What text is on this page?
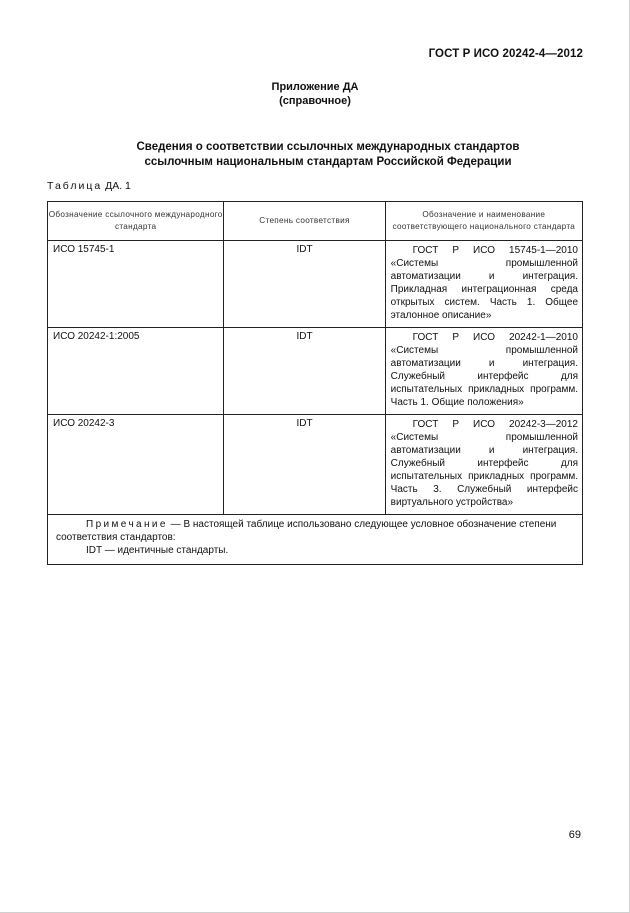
ГОСТ Р ИСО 20242-4—2012
Приложение ДА
(справочное)
Сведения о соответствии ссылочных международных стандартов
ссылочным национальным стандартам Российской Федерации
Таблица ДА. 1
Обозначение ссылочного международного стандарта	Степень соответствия	Обозначение и наименование соответствующего национального стандарта

ИСО 15745-1	IDT	ГОСТ Р ИСО 15745-1—2010 «Системы промышленной автоматизации и интеграция. Прикладная интеграционная среда открытых систем. Часть 1. Общее эталонное описание»

ИСО 20242-1:2005	IDT	ГОСТ Р ИСО 20242-1—2010 «Системы промышленной автоматизации и интеграция. Служебный интерфейс для испытательных прикладных программ. Часть 1. Общие положения»

ИСО 20242-3	IDT	ГОСТ Р ИСО 20242-3—2012 «Системы промышленной автоматизации и интеграция. Служебный интерфейс для испытательных прикладных программ. Часть 3. Служебный интерфейс виртуального устройства»

Примечание — В настоящей таблице использовано следующее условное обозначение степени соответствия стандартов:
IDT — идентичные стандарты.		
69
